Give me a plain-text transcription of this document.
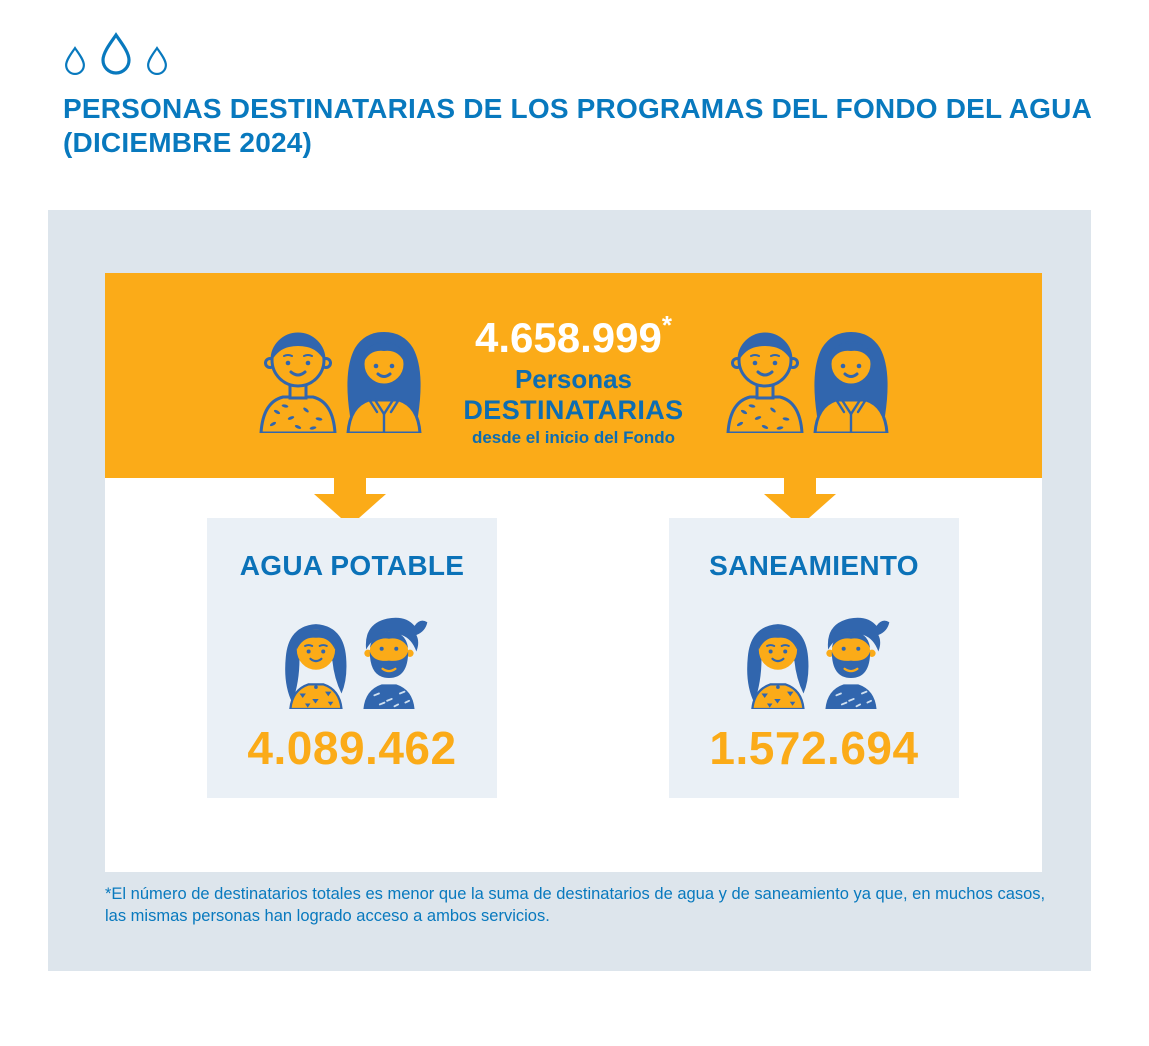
PERSONAS DESTINATARIAS DE LOS PROGRAMAS DEL FONDO DEL AGUA
(DICIEMBRE 2024)
4.658.999*
Personas
DESTINATARIAS
desde el inicio del Fondo
AGUA POTABLE
4.089.462
SANEAMIENTO
1.572.694
*El número de destinatarios totales es menor que la suma de destinatarios de agua y de saneamiento ya que, en muchos casos, las mismas personas han logrado acceso a ambos servicios.
